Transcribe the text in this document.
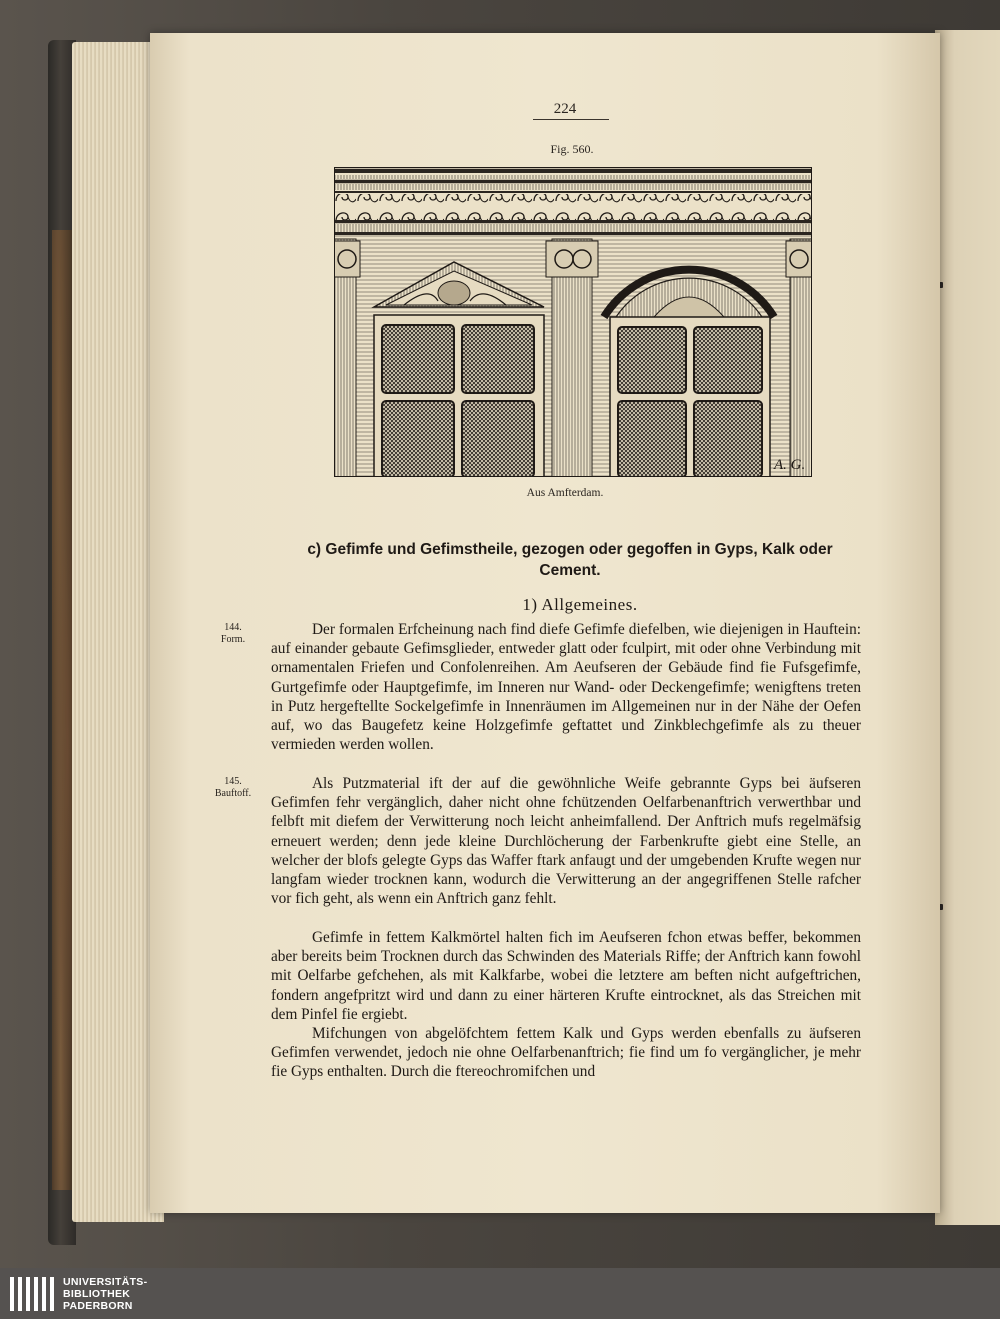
224
Fig. 560.
A. G.
Aus Amfterdam.
c) Gefimfe und Gefimstheile, gezogen oder gegoffen in Gyps, Kalk oder
Cement.
1) Allgemeines.
144.
Form.
145.
Bauftoff.

Der formalen Erfcheinung nach find diefe Gefimfe diefelben, wie diejenigen in Hauftein: auf einander gebaute Gefimsglieder, entweder glatt oder fculpirt, mit oder ohne Verbindung mit ornamentalen Friefen und Confolenreihen. Am Aeufseren der Gebäude find fie Fufsgefimfe, Gurtgefimfe oder Hauptgefimfe, im Inneren nur Wand- oder Deckengefimfe; wenigftens treten in Putz hergeftellte Sockelgefimfe in Innenräumen im Allgemeinen nur in der Nähe der Oefen auf, wo das Baugefetz keine Holzgefimfe geftattet und Zinkblechgefimfe als zu theuer vermieden werden wollen.

Als Putzmaterial ift der auf die gewöhnliche Weife gebrannte Gyps bei äufseren Gefimfen fehr vergänglich, daher nicht ohne fchützenden Oelfarbenanftrich verwerthbar und felbft mit diefem der Verwitterung noch leicht anheimfallend. Der Anftrich mufs regelmäfsig erneuert werden; denn jede kleine Durchlöcherung der Farbenkrufte giebt eine Stelle, an welcher der blofs gelegte Gyps das Waffer ftark anfaugt und der umgebenden Krufte wegen nur langfam wieder trocknen kann, wodurch die Verwitterung an der angegriffenen Stelle rafcher vor fich geht, als wenn ein Anftrich ganz fehlt.

Gefimfe in fettem Kalkmörtel halten fich im Aeufseren fchon etwas beffer, bekommen aber bereits beim Trocknen durch das Schwinden des Materials Riffe; der Anftrich kann fowohl mit Oelfarbe gefchehen, als mit Kalkfarbe, wobei die letztere am beften nicht aufgeftrichen, fondern angefpritzt wird und dann zu einer härteren Krufte eintrocknet, als das Streichen mit dem Pinfel fie ergiebt.

Mifchungen von abgelöfchtem fettem Kalk und Gyps werden ebenfalls zu äufseren Gefimfen verwendet, jedoch nie ohne Oelfarbenanftrich; fie find um fo vergänglicher, je mehr fie Gyps enthalten. Durch die ftereochromifchen und

UNIVERSITÄTS-
BIBLIOTHEK
PADERBORN
